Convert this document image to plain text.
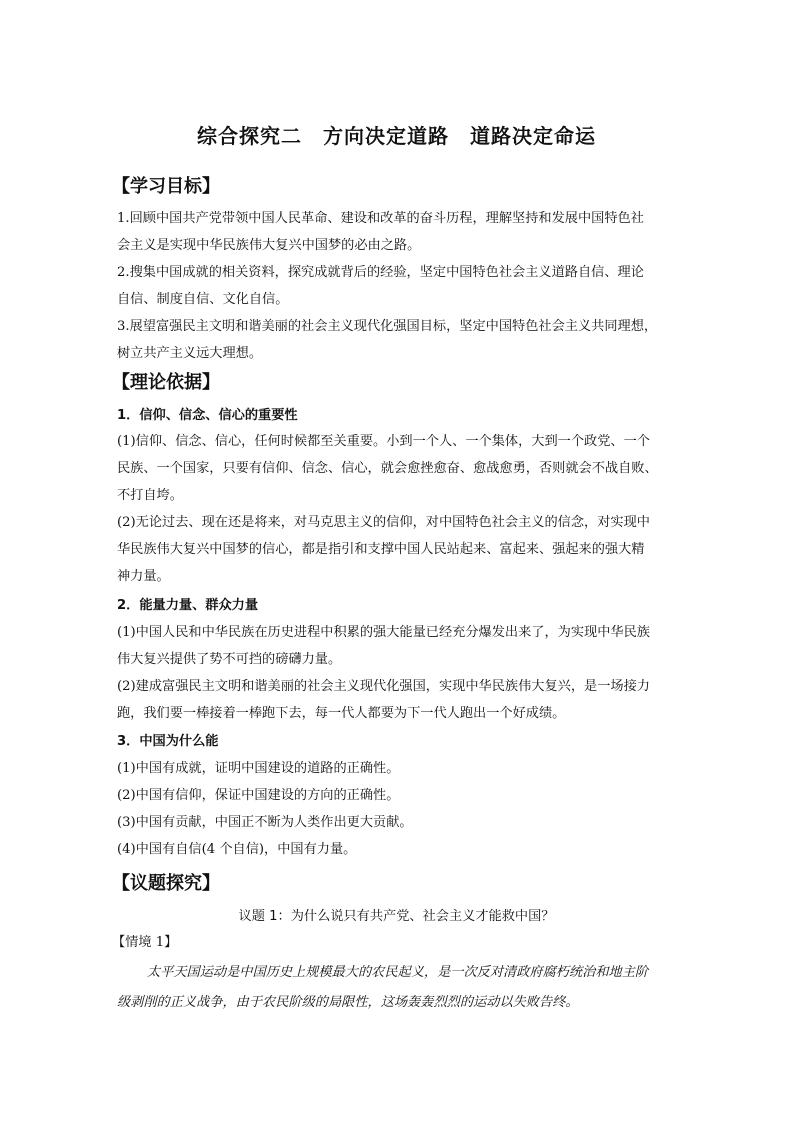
综合探究二　方向决定道路　道路决定命运
【学习目标】
1.回顾中国共产党带领中国人民革命、建设和改革的奋斗历程，理解坚持和发展中国特色社
会主义是实现中华民族伟大复兴中国梦的必由之路。
2.搜集中国成就的相关资料，探究成就背后的经验，坚定中国特色社会主义道路自信、理论
自信、制度自信、文化自信。
3.展望富强民主文明和谐美丽的社会主义现代化强国目标，坚定中国特色社会主义共同理想，
树立共产主义远大理想。
【理论依据】
1．信仰、信念、信心的重要性
(1)信仰、信念、信心，任何时候都至关重要。小到一个人、一个集体，大到一个政党、一个
民族、一个国家，只要有信仰、信念、信心，就会愈挫愈奋、愈战愈勇，否则就会不战自败、
不打自垮。
(2)无论过去、现在还是将来，对马克思主义的信仰，对中国特色社会主义的信念，对实现中
华民族伟大复兴中国梦的信心，都是指引和支撑中国人民站起来、富起来、强起来的强大精
神力量。
2．能量力量、群众力量
(1)中国人民和中华民族在历史进程中积累的强大能量已经充分爆发出来了，为实现中华民族
伟大复兴提供了势不可挡的磅礴力量。
(2)建成富强民主文明和谐美丽的社会主义现代化强国，实现中华民族伟大复兴，是一场接力
跑，我们要一棒接着一棒跑下去，每一代人都要为下一代人跑出一个好成绩。
3．中国为什么能
(1)中国有成就，证明中国建设的道路的正确性。
(2)中国有信仰，保证中国建设的方向的正确性。
(3)中国有贡献，中国正不断为人类作出更大贡献。
(4)中国有自信(4 个自信)，中国有力量。
【议题探究】
议题 1：为什么说只有共产党、社会主义才能救中国？
【情境 1】
太平天国运动是中国历史上规模最大的农民起义，是一次反对清政府腐朽统治和地主阶
级剥削的正义战争，由于农民阶级的局限性，这场轰轰烈烈的运动以失败告终。
